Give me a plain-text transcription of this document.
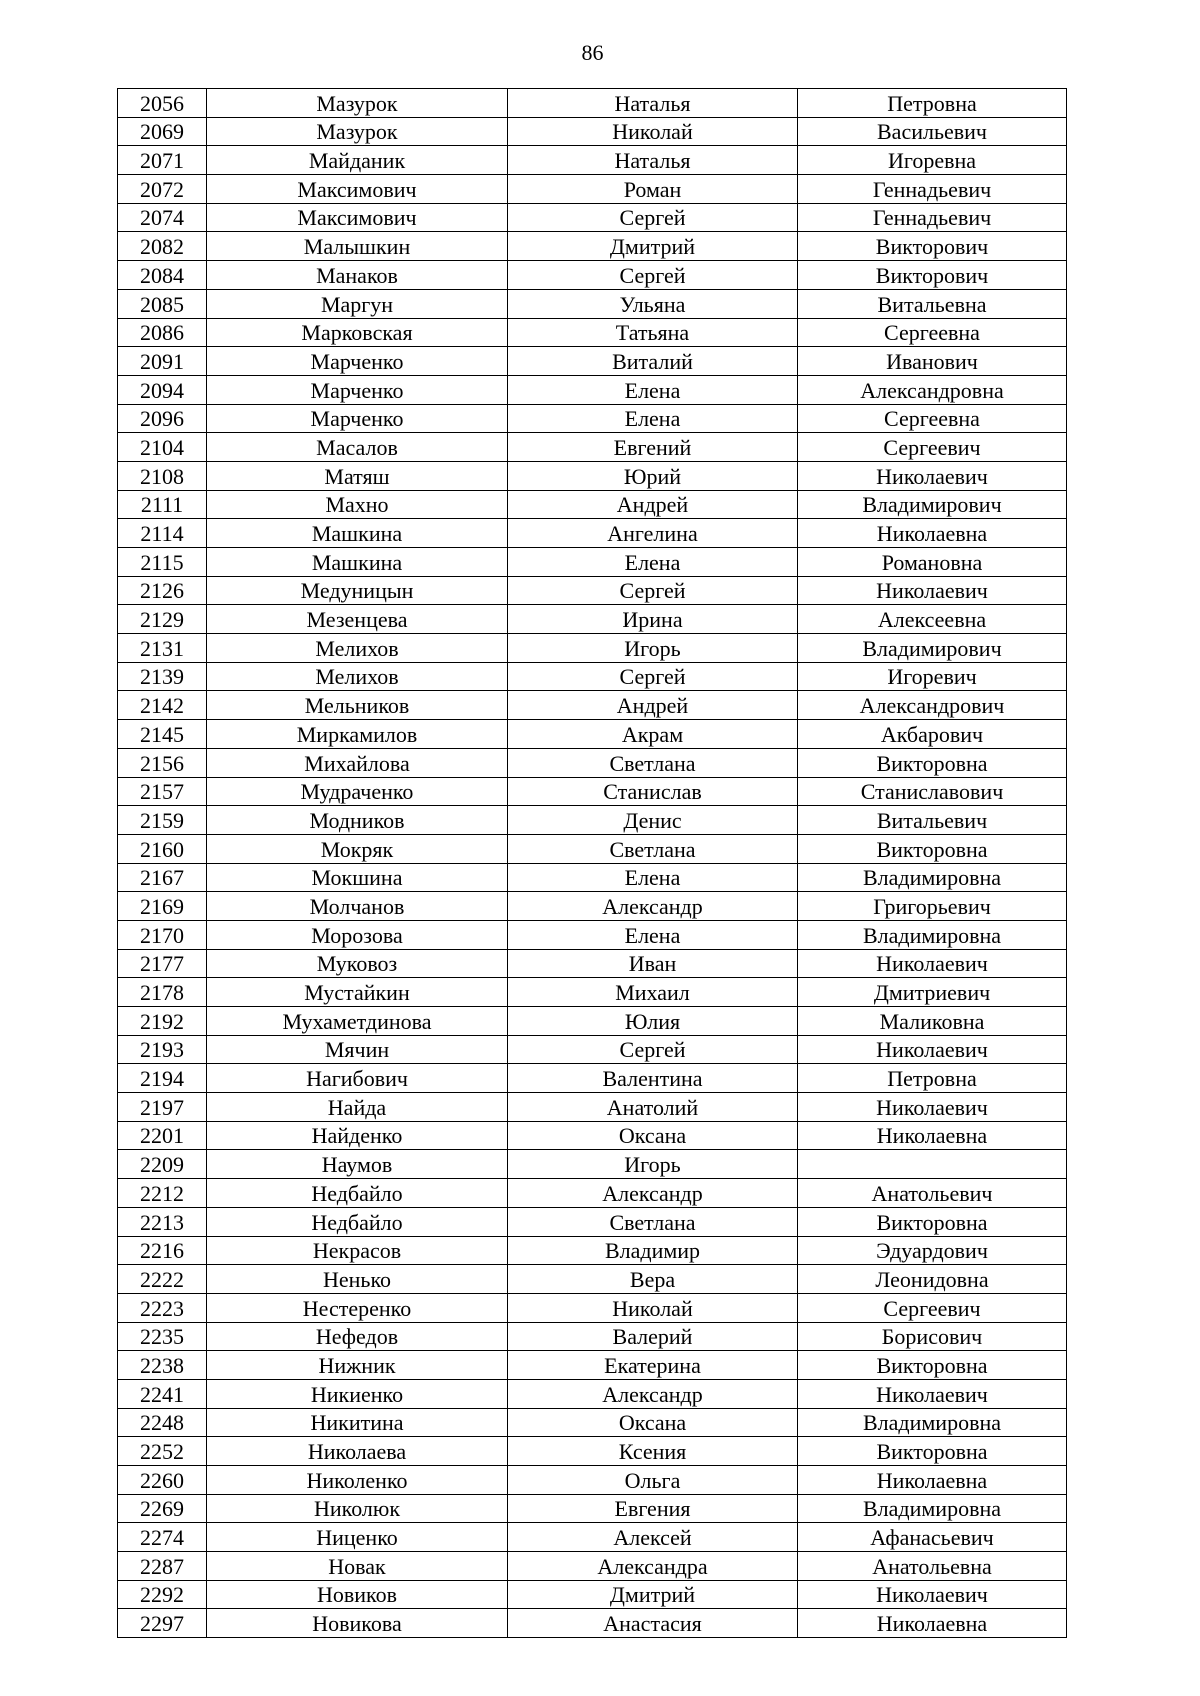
86
2056	Мазурок	Наталья	Петровна
2069	Мазурок	Николай	Васильевич
2071	Майданик	Наталья	Игоревна
2072	Максимович	Роман	Геннадьевич
2074	Максимович	Сергей	Геннадьевич
2082	Малышкин	Дмитрий	Викторович
2084	Манаков	Сергей	Викторович
2085	Маргун	Ульяна	Витальевна
2086	Марковская	Татьяна	Сергеевна
2091	Марченко	Виталий	Иванович
2094	Марченко	Елена	Александровна
2096	Марченко	Елена	Сергеевна
2104	Масалов	Евгений	Сергеевич
2108	Матяш	Юрий	Николаевич
2111	Махно	Андрей	Владимирович
2114	Машкина	Ангелина	Николаевна
2115	Машкина	Елена	Романовна
2126	Медуницын	Сергей	Николаевич
2129	Мезенцева	Ирина	Алексеевна
2131	Мелихов	Игорь	Владимирович
2139	Мелихов	Сергей	Игоревич
2142	Мельников	Андрей	Александрович
2145	Миркамилов	Акрам	Акбарович
2156	Михайлова	Светлана	Викторовна
2157	Мудраченко	Станислав	Станиславович
2159	Модников	Денис	Витальевич
2160	Мокряк	Светлана	Викторовна
2167	Мокшина	Елена	Владимировна
2169	Молчанов	Александр	Григорьевич
2170	Морозова	Елена	Владимировна
2177	Муковоз	Иван	Николаевич
2178	Мустайкин	Михаил	Дмитриевич
2192	Мухаметдинова	Юлия	Маликовна
2193	Мячин	Сергей	Николаевич
2194	Нагибович	Валентина	Петровна
2197	Найда	Анатолий	Николаевич
2201	Найденко	Оксана	Николаевна
2209	Наумов	Игорь	
2212	Недбайло	Александр	Анатольевич
2213	Недбайло	Светлана	Викторовна
2216	Некрасов	Владимир	Эдуардович
2222	Ненько	Вера	Леонидовна
2223	Нестеренко	Николай	Сергеевич
2235	Нефедов	Валерий	Борисович
2238	Нижник	Екатерина	Викторовна
2241	Никиенко	Александр	Николаевич
2248	Никитина	Оксана	Владимировна
2252	Николаева	Ксения	Викторовна
2260	Николенко	Ольга	Николаевна
2269	Николюк	Евгения	Владимировна
2274	Ниценко	Алексей	Афанасьевич
2287	Новак	Александра	Анатольевна
2292	Новиков	Дмитрий	Николаевич
2297	Новикова	Анастасия	Николаевна
